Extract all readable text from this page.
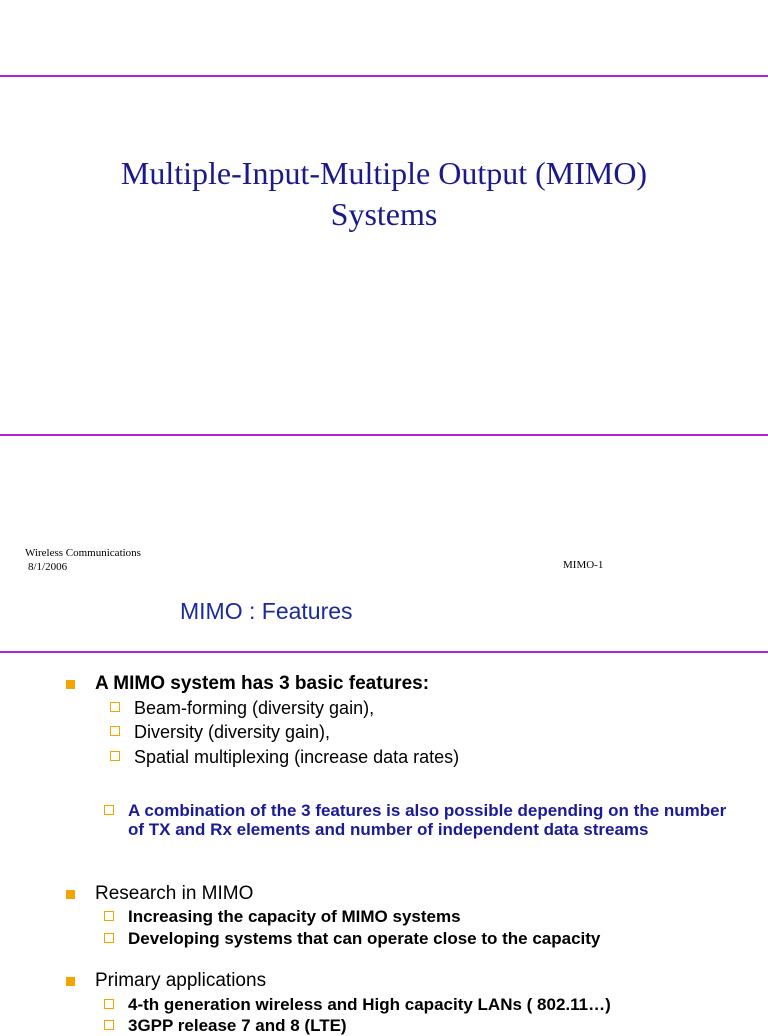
Multiple-Input-Multiple Output (MIMO)
Systems
Wireless Communications
8/1/2006	MIMO-1
MIMO : Features
A MIMO system has 3 basic features:
Beam-forming (diversity gain),
Diversity (diversity gain),
Spatial multiplexing (increase data rates)
A combination of the 3 features is also possible depending on the number of TX and Rx elements and number of independent data streams
Research in MIMO
Increasing the capacity of MIMO systems
Developing systems that can operate close to the capacity
Primary applications
4-th generation wireless and High capacity LANs ( 802.11…)
3GPP release 7 and 8 (LTE)
